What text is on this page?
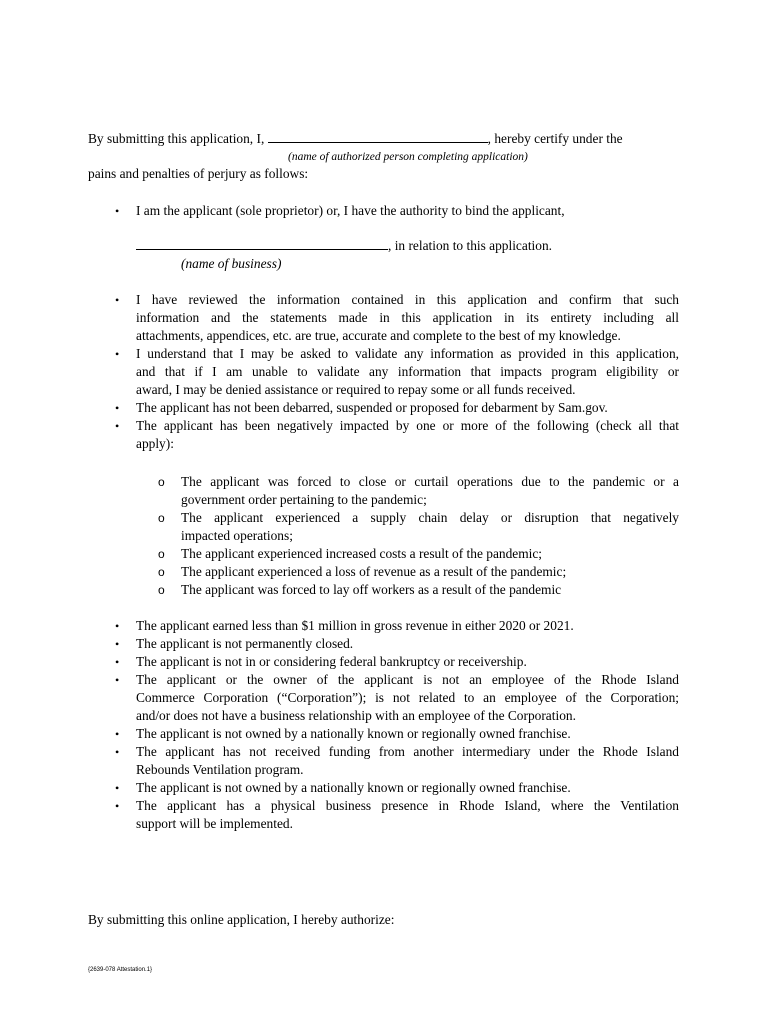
By submitting this application, I,	, hereby certify under the
(name of authorized person completing application)
pains and penalties of perjury as follows:
• I am the applicant (sole proprietor) or, I have the authority to bind the applicant,
, in relation to this application.
(name of business)
• I have reviewed the information contained in this application and confirm that such
information and the statements made in this application in its entirety including all
attachments, appendices, etc. are true, accurate and complete to the best of my knowledge.
• I understand that I may be asked to validate any information as provided in this application,
and that if I am unable to validate any information that impacts program eligibility or
award, I may be denied assistance or required to repay some or all funds received.
• The applicant has not been debarred, suspended or proposed for debarment by Sam.gov.
• The applicant has been negatively impacted by one or more of the following (check all that
apply):
o The applicant was forced to close or curtail operations due to the pandemic or a
government order pertaining to the pandemic;
o The applicant experienced a supply chain delay or disruption that negatively
impacted operations;
o The applicant experienced increased costs a result of the pandemic;
o The applicant experienced a loss of revenue as a result of the pandemic;
o The applicant was forced to lay off workers as a result of the pandemic
• The applicant earned less than $1 million in gross revenue in either 2020 or 2021.
• The applicant is not permanently closed.
• The applicant is not in or considering federal bankruptcy or receivership.
• The applicant or the owner of the applicant is not an employee of the Rhode Island
Commerce Corporation (“Corporation”); is not related to an employee of the Corporation;
and/or does not have a business relationship with an employee of the Corporation.
• The applicant is not owned by a nationally known or regionally owned franchise.
• The applicant has not received funding from another intermediary under the Rhode Island
Rebounds Ventilation program.
• The applicant is not owned by a nationally known or regionally owned franchise.
• The applicant has a physical business presence in Rhode Island, where the Ventilation
support will be implemented.
By submitting this online application, I hereby authorize:
{2639-078 Attestation.1}
